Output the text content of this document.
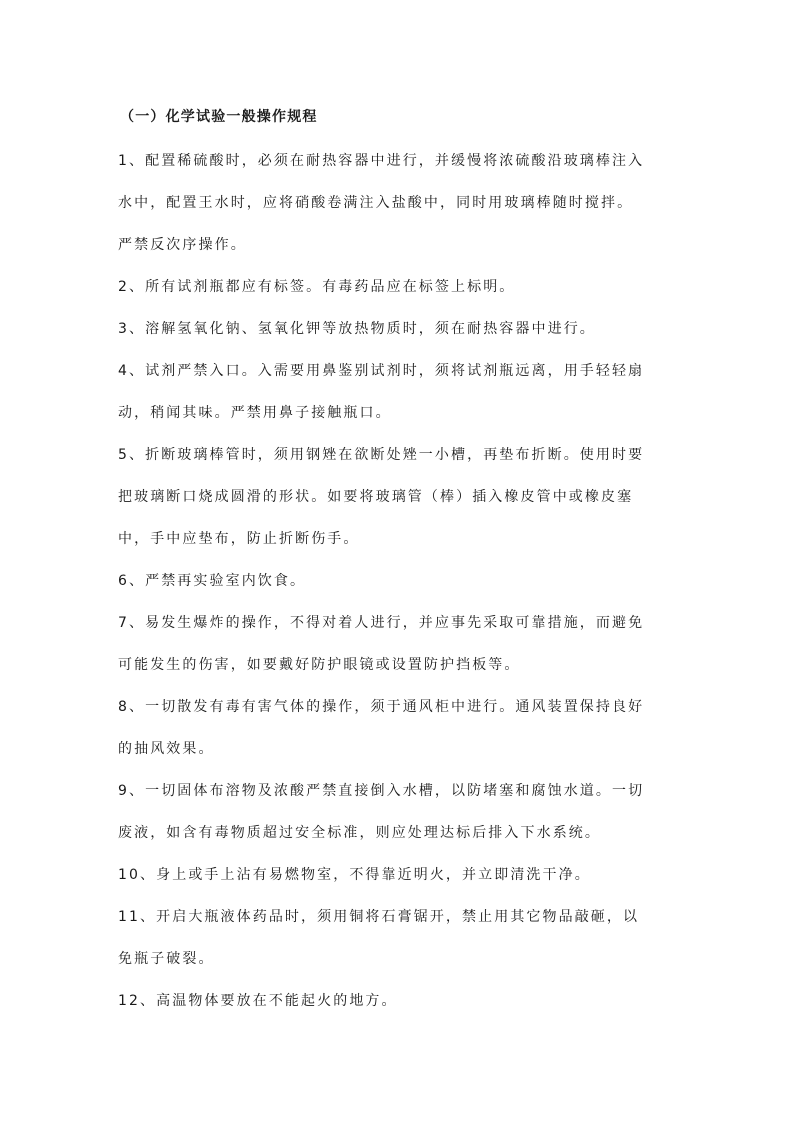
（一）化学试验一般操作规程

1、配置稀硫酸时，必须在耐热容器中进行，并缓慢将浓硫酸沿玻璃棒注入

水中，配置王水时，应将硝酸卷满注入盐酸中，同时用玻璃棒随时搅拌。

严禁反次序操作。

2、所有试剂瓶都应有标签。有毒药品应在标签上标明。

3、溶解氢氧化钠、氢氧化钾等放热物质时，须在耐热容器中进行。

4、试剂严禁入口。入需要用鼻鉴别试剂时，须将试剂瓶远离，用手轻轻扇

动，稍闻其味。严禁用鼻子接触瓶口。

5、折断玻璃棒管时，须用钢矬在欲断处矬一小槽，再垫布折断。使用时要

把玻璃断口烧成圆滑的形状。如要将玻璃管（棒）插入橡皮管中或橡皮塞

中，手中应垫布，防止折断伤手。

6、严禁再实验室内饮食。

7、易发生爆炸的操作，不得对着人进行，并应事先采取可靠措施，而避免

可能发生的伤害，如要戴好防护眼镜或设置防护挡板等。

8、一切散发有毒有害气体的操作，须于通风柜中进行。通风装置保持良好

的抽风效果。

9、一切固体布溶物及浓酸严禁直接倒入水槽，以防堵塞和腐蚀水道。一切

废液，如含有毒物质超过安全标准，则应处理达标后排入下水系统。

10、身上或手上沾有易燃物室，不得靠近明火，并立即清洗干净。

11、开启大瓶液体药品时，须用铜将石膏锯开，禁止用其它物品敲砸，以

免瓶子破裂。

12、高温物体要放在不能起火的地方。
